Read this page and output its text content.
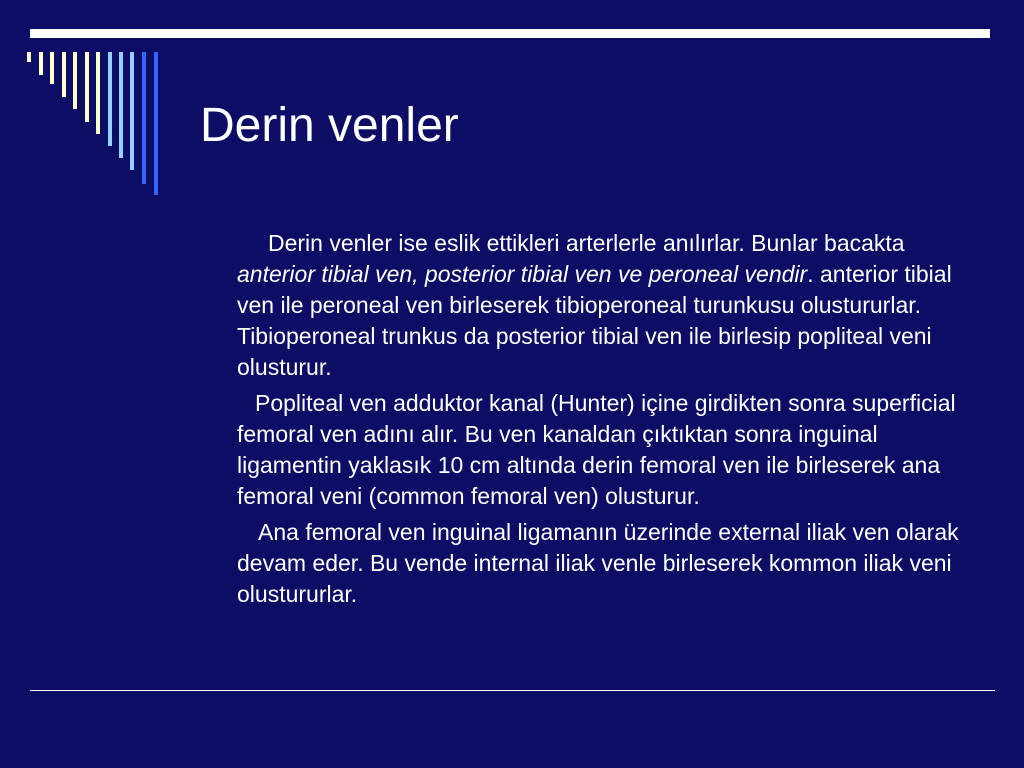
Derin venler

Derin venler ise eslik ettikleri arterlerle anılırlar. Bunlar bacakta anterior tibial ven, posterior tibial ven ve peroneal vendir. anterior tibial ven ile peroneal ven birleserek tibioperoneal turunkusu olustururlar. Tibioperoneal trunkus da posterior tibial ven ile birlesip popliteal veni olusturur.

Popliteal ven adduktor kanal (Hunter) içine girdikten sonra superficial femoral ven adını alır. Bu ven kanaldan çıktıktan sonra inguinal ligamentin yaklasık 10 cm altında derin femoral ven ile birleserek ana femoral veni (common femoral ven) olusturur.

Ana femoral ven inguinal ligamanın üzerinde external iliak ven olarak devam eder. Bu vende internal iliak venle birleserek kommon iliak veni olustururlar.
